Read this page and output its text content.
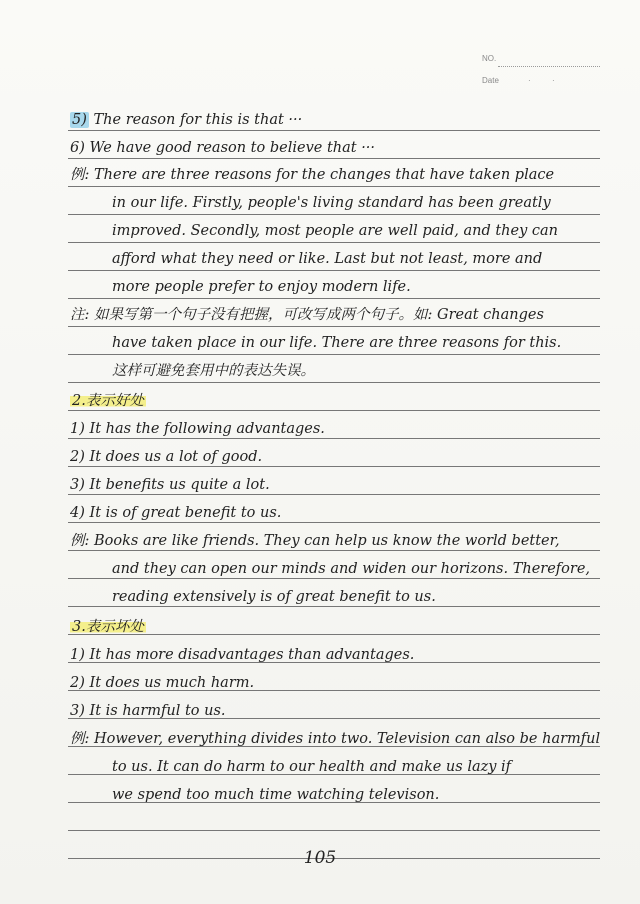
NO.
Date	·	·
5) The reason for this is that ···
6) We have good reason to believe that ···
例: There are three reasons for the changes that have taken place
in our life. Firstly, people's living standard has been greatly
improved. Secondly, most people are well paid, and they can
afford what they need or like. Last but not least, more and
more people prefer to enjoy modern life.
注: 如果写第一个句子没有把握，可改写成两个句子。如: Great changes
have taken place in our life. There are three reasons for this.
这样可避免套用中的表达失误。
2.表示好处
1) It has the following advantages.
2) It does us a lot of good.
3) It benefits us quite a lot.
4) It is of great benefit to us.
例: Books are like friends. They can help us know the world better,
and they can open our minds and widen our horizons. Therefore,
reading extensively is of great benefit to us.
3.表示坏处
1) It has more disadvantages than advantages.
2) It does us much harm.
3) It is harmful to us.
例: However, everything divides into two. Television can also be harmful
to us. It can do harm to our health and make us lazy if
we spend too much time watching televison.
105
